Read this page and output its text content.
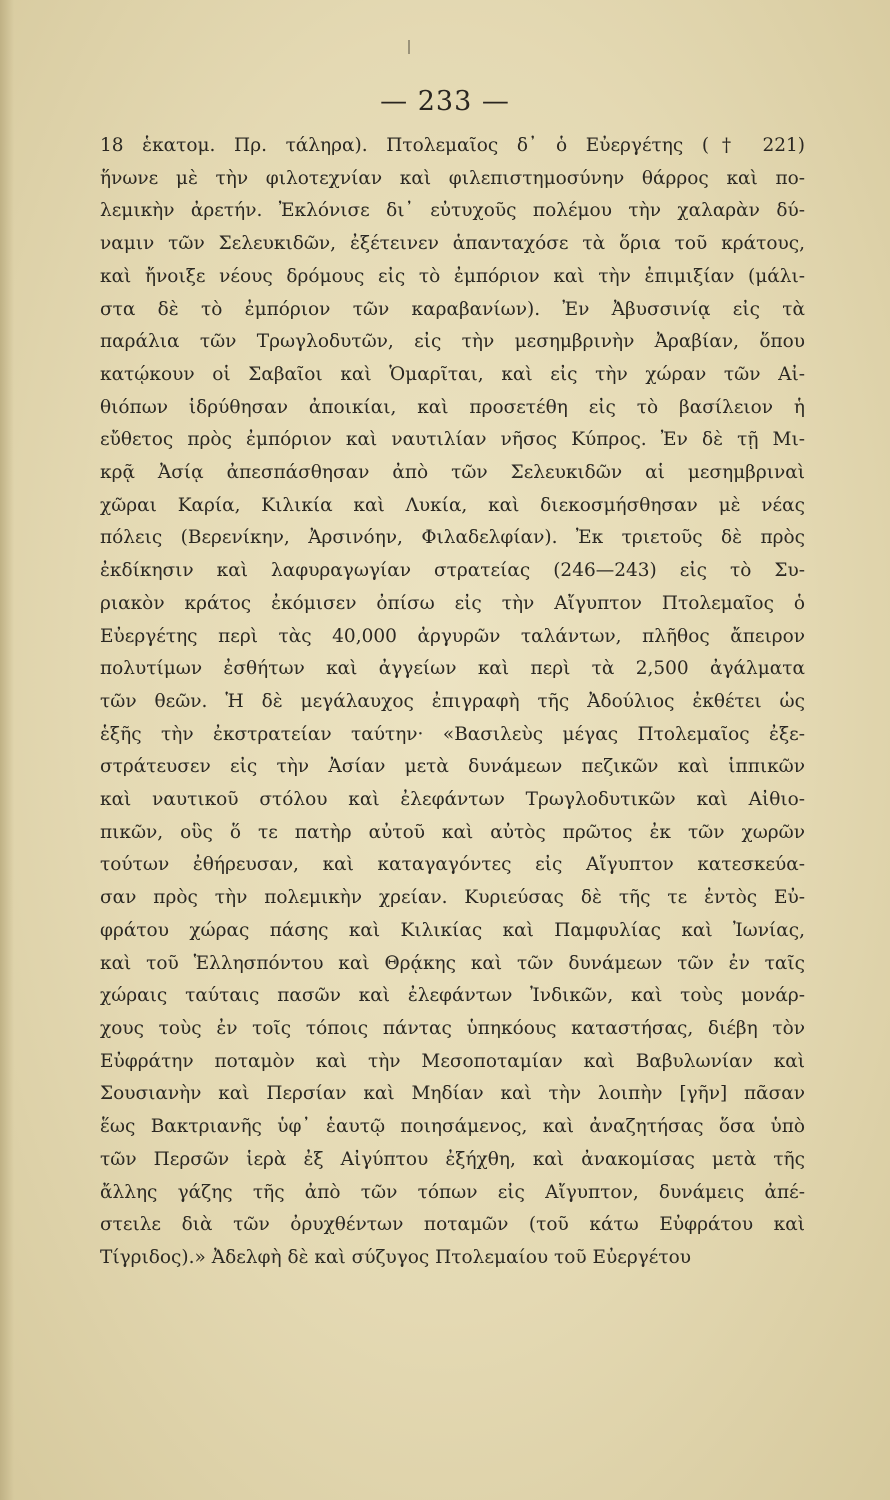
— 233 —
18 ἑκατομ. Πρ. τάληρα). Πτολεμαῖος δ᾽ ὁ Εὐεργέτης († 221)
ἥνωνε μὲ τὴν φιλοτεχνίαν καὶ φιλεπιστημοσύνην θάρρος καὶ πο-
λεμικὴν ἀρετήν. Ἐκλόνισε δι᾽ εὐτυχοῦς πολέμου τὴν χαλαρὰν δύ-
ναμιν τῶν Σελευκιδῶν, ἐξέτεινεν ἁπανταχόσε τὰ ὅρια τοῦ κράτους,
καὶ ἤνοιξε νέους δρόμους εἰς τὸ ἐμπόριον καὶ τὴν ἐπιμιξίαν (μάλι-
στα δὲ τὸ ἐμπόριον τῶν καραβανίων). Ἐν Ἀβυσσινίᾳ εἰς τὰ
παράλια τῶν Τρωγλοδυτῶν, εἰς τὴν μεσημβρινὴν Ἀραβίαν, ὅπου
κατῴκουν οἱ Σαβαῖοι καὶ Ὁμαρῖται, καὶ εἰς τὴν χώραν τῶν Αἰ-
θιόπων ἱδρύθησαν ἀποικίαι, καὶ προσετέθη εἰς τὸ βασίλειον ἡ
εὔθετος πρὸς ἐμπόριον καὶ ναυτιλίαν νῆσος Κύπρος. Ἐν δὲ τῇ Μι-
κρᾷ Ἀσίᾳ ἀπεσπάσθησαν ἀπὸ τῶν Σελευκιδῶν αἱ μεσημβριναὶ
χῶραι Καρία, Κιλικία καὶ Λυκία, καὶ διεκοσμήσθησαν μὲ νέας
πόλεις (Βερενίκην, Ἀρσινόην, Φιλαδελφίαν). Ἐκ τριετοῦς δὲ πρὸς
ἐκδίκησιν καὶ λαφυραγωγίαν στρατείας (246—243) εἰς τὸ Συ-
ριακὸν κράτος ἐκόμισεν ὀπίσω εἰς τὴν Αἴγυπτον Πτολεμαῖος ὁ
Εὐεργέτης περὶ τὰς 40,000 ἀργυρῶν ταλάντων, πλῆθος ἄπειρον
πολυτίμων ἐσθήτων καὶ ἀγγείων καὶ περὶ τὰ 2,500 ἀγάλματα
τῶν θεῶν. Ἡ δὲ μεγάλαυχος ἐπιγραφὴ τῆς Ἀδούλιος ἐκθέτει ὡς
ἑξῆς τὴν ἐκστρατείαν ταύτην· «Βασιλεὺς μέγας Πτολεμαῖος ἐξε-
στράτευσεν εἰς τὴν Ἀσίαν μετὰ δυνάμεων πεζικῶν καὶ ἱππικῶν
καὶ ναυτικοῦ στόλου καὶ ἐλεφάντων Τρωγλοδυτικῶν καὶ Αἰθιο-
πικῶν, οὓς ὅ τε πατὴρ αὐτοῦ καὶ αὐτὸς πρῶτος ἐκ τῶν χωρῶν
τούτων ἐθήρευσαν, καὶ καταγαγόντες εἰς Αἴγυπτον κατεσκεύα-
σαν πρὸς τὴν πολεμικὴν χρείαν. Κυριεύσας δὲ τῆς τε ἐντὸς Εὐ-
φράτου χώρας πάσης καὶ Κιλικίας καὶ Παμφυλίας καὶ Ἰωνίας,
καὶ τοῦ Ἑλλησπόντου καὶ Θρᾴκης καὶ τῶν δυνάμεων τῶν ἐν ταῖς
χώραις ταύταις πασῶν καὶ ἐλεφάντων Ἰνδικῶν, καὶ τοὺς μονάρ-
χους τοὺς ἐν τοῖς τόποις πάντας ὑπηκόους καταστήσας, διέβη τὸν
Εὐφράτην ποταμὸν καὶ τὴν Μεσοποταμίαν καὶ Βαβυλωνίαν καὶ
Σουσιανὴν καὶ Περσίαν καὶ Μηδίαν καὶ τὴν λοιπὴν [γῆν] πᾶσαν
ἕως Βακτριανῆς ὑφ᾽ ἑαυτῷ ποιησάμενος, καὶ ἀναζητήσας ὅσα ὑπὸ
τῶν Περσῶν ἱερὰ ἐξ Αἰγύπτου ἐξήχθη, καὶ ἀνακομίσας μετὰ τῆς
ἄλλης γάζης τῆς ἀπὸ τῶν τόπων εἰς Αἴγυπτον, δυνάμεις ἀπέ-
στειλε διὰ τῶν ὀρυχθέντων ποταμῶν (τοῦ κάτω Εὐφράτου καὶ
Τίγριδος).» Ἀδελφὴ δὲ καὶ σύζυγος Πτολεμαίου τοῦ Εὐεργέτου
